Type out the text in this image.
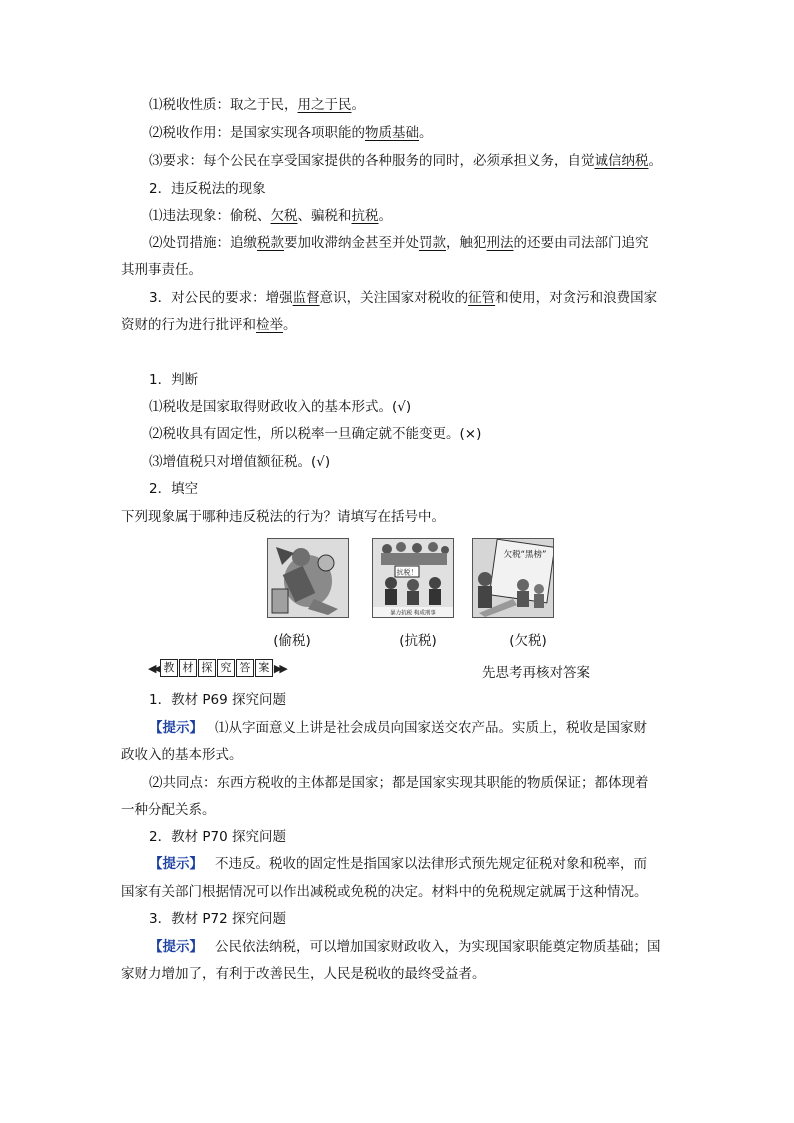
⑴税收性质：取之于民，用之于民。
⑵税收作用：是国家实现各项职能的物质基础。
⑶要求：每个公民在享受国家提供的各种服务的同时，必须承担义务，自觉诚信纳税。
2．违反税法的现象
⑴违法现象：偷税、欠税、骗税和抗税。
⑵处罚措施：追缴税款要加收滞纳金甚至并处罚款，触犯刑法的还要由司法部门追究
其刑事责任。
3．对公民的要求：增强监督意识，关注国家对税收的征管和使用，对贪污和浪费国家
资财的行为进行批评和检举。
1．判断
⑴税收是国家取得财政收入的基本形式。(√)
⑵税收具有固定性，所以税率一旦确定就不能变更。(×)
⑶增值税只对增值额征税。(√)
2．填空
下列现象属于哪种违反税法的行为？请填写在括号中。
抗税！
暴力抗税 构成刑事
欠税“黑榜”
(偷税)	(抗税)	(欠税)
◀◀ 教 材 探 究 答 案 ▶▶	先思考再核对答案
1．教材 P69 探究问题
【提示】 ⑴从字面意义上讲是社会成员向国家送交农产品。实质上，税收是国家财
政收入的基本形式。
⑵共同点：东西方税收的主体都是国家；都是国家实现其职能的物质保证；都体现着
一种分配关系。
2．教材 P70 探究问题
【提示】 不违反。税收的固定性是指国家以法律形式预先规定征税对象和税率，而
国家有关部门根据情况可以作出减税或免税的决定。材料中的免税规定就属于这种情况。
3．教材 P72 探究问题
【提示】 公民依法纳税，可以增加国家财政收入，为实现国家职能奠定物质基础；国
家财力增加了，有利于改善民生，人民是税收的最终受益者。
